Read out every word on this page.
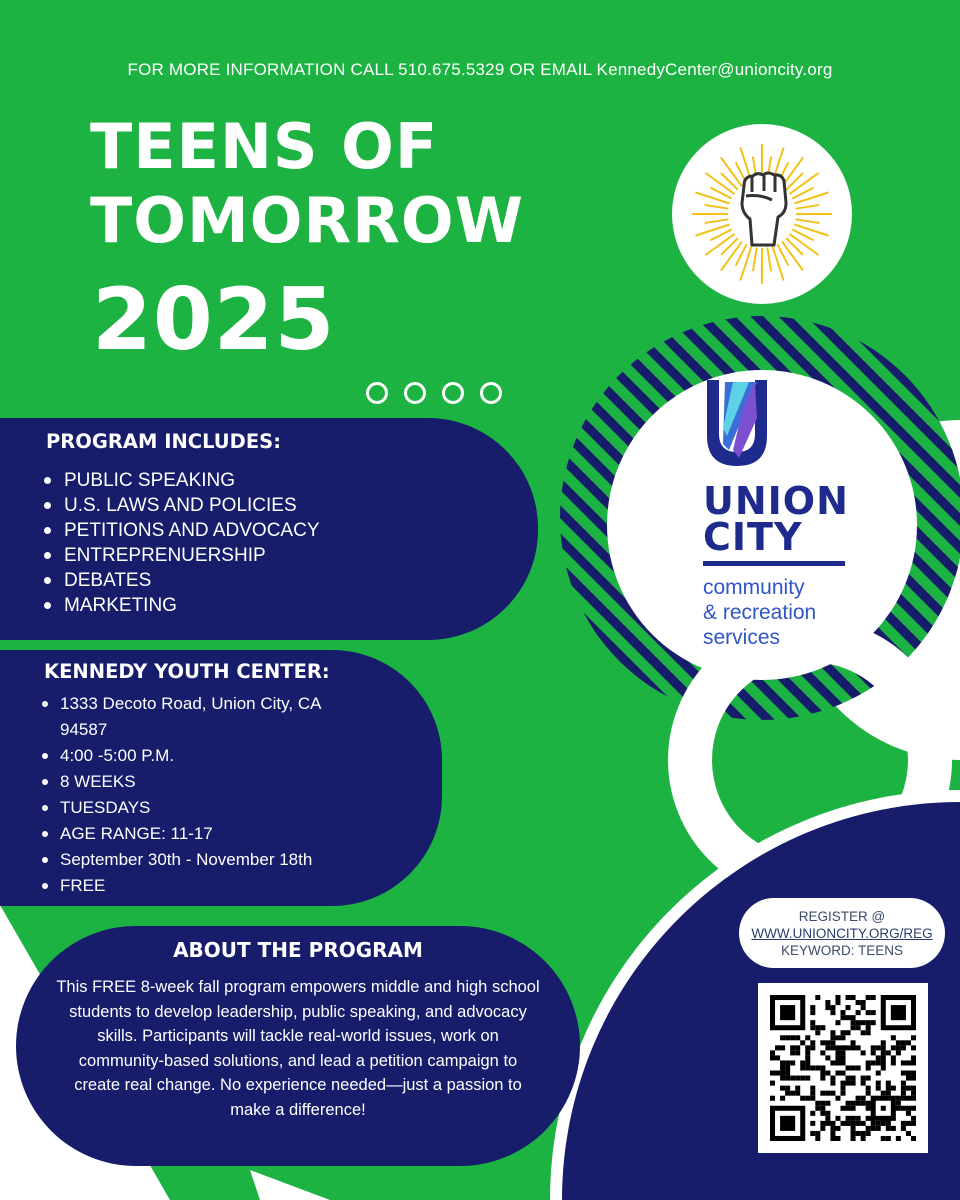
FOR MORE INFORMATION CALL 510.675.5329 OR EMAIL KennedyCenter@unioncity.org
TEENS OF
TOMORROW
2025
UNION
CITY
community
& recreation
services
PROGRAM INCLUDES:
PUBLIC SPEAKING
U.S. LAWS AND POLICIES
PETITIONS AND ADVOCACY
ENTREPRENUERSHIP
DEBATES
MARKETING
KENNEDY YOUTH CENTER:
1333 Decoto Road, Union City, CA 94587
4:00 -5:00 P.M.
8 WEEKS
TUESDAYS
AGE RANGE: 11-17
September 30th - November 18th
FREE
ABOUT THE PROGRAM
This FREE 8-week fall program empowers middle and high school students to develop leadership, public speaking, and advocacy skills. Participants will tackle real-world issues, work on community-based solutions, and lead a petition campaign to create real change. No experience needed—just a passion to make a difference!
REGISTER @
WWW.UNIONCITY.ORG/REG
KEYWORD: TEENS
